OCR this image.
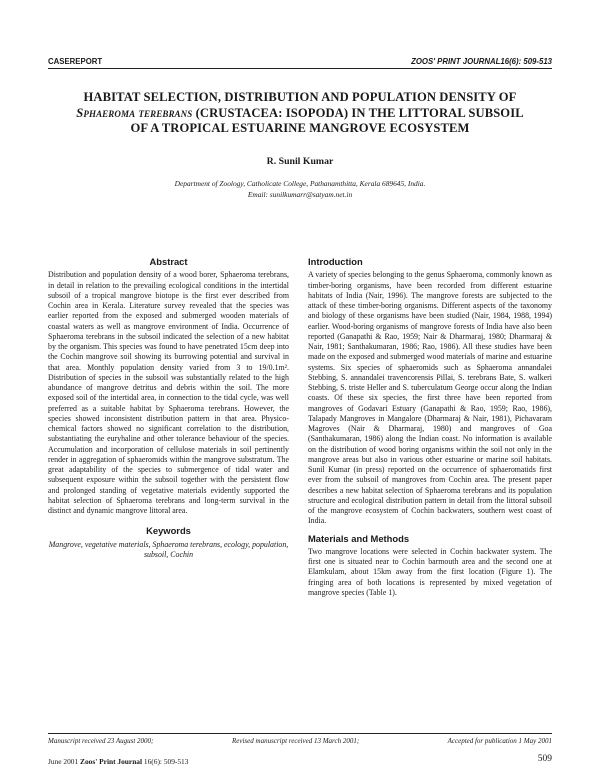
CASEREPORT	ZOOS' PRINT JOURNAL16(6): 509-513
HABITAT SELECTION, DISTRIBUTION AND POPULATION DENSITY OF
Sphaeroma terebrans (CRUSTACEA: ISOPODA) IN THE LITTORAL SUBSOIL
OF A TROPICAL ESTUARINE MANGROVE ECOSYSTEM
R. Sunil Kumar
Department of Zoology, Catholicate College, Pathanamthitta, Kerala 689645, India.
Email: sunilkumarr@satyam.net.in
Abstract

Distribution and population density of a wood borer, Sphaeroma terebrans, in detail in relation to the prevailing ecological conditions in the intertidal subsoil of a tropical mangrove biotope is the first ever described from Cochin area in Kerala. Literature survey revealed that the species was earlier reported from the exposed and submerged wooden materials of coastal waters as well as mangrove environment of India. Occurrence of Sphaeroma terebrans in the subsoil indicated the selection of a new habitat by the organism. This species was found to have penetrated 15cm deep into the Cochin mangrove soil showing its burrowing potential and survival in that area. Monthly population density varied from 3 to 19/0.1m². Distribution of species in the subsoil was substantially related to the high abundance of mangrove detritus and debris within the soil. The more exposed soil of the intertidal area, in connection to the tidal cycle, was well preferred as a suitable habitat by Sphaeroma terebrans. However, the species showed inconsistent distribution pattern in that area. Physico-chemical factors showed no significant correlation to the distribution, substantiating the euryhaline and other tolerance behaviour of the species. Accumulation and incorporation of cellulose materials in soil pertinently render in aggregation of sphaeromids within the mangrove substratum. The great adaptability of the species to submergence of tidal water and subsequent exposure within the subsoil together with the persistent flow and prolonged standing of vegetative materials evidently supported the habitat selection of Sphaeroma terebrans and long-term survival in the distinct and dynamic mangrove littoral area.

Keywords

Mangrove, vegetative materials, Sphaeroma terebrans, ecology, population, subsoil, Cochin

Introduction

A variety of species belonging to the genus Sphaeroma, commonly known as timber-boring organisms, have been recorded from different estuarine habitats of India (Nair, 1996). The mangrove forests are subjected to the attack of these timber-boring organisms. Different aspects of the taxonomy and biology of these organisms have been studied (Nair, 1984, 1988, 1994) earlier. Wood-boring organisms of mangrove forests of India have also been reported (Ganapathi & Rao, 1959; Nair & Dharmaraj, 1980; Dharmaraj & Nair, 1981; Santhakumaran, 1986; Rao, 1986). All these studies have been made on the exposed and submerged wood materials of marine and estuarine systems. Six species of sphaeromids such as Sphaeroma annandalei Stebbing, S. annandalei travencorensis Pillai, S. terebrans Bate, S. walkeri Stebbing, S. triste Heller and S. tuberculatum George occur along the Indian coasts. Of these six species, the first three have been reported from mangroves of Godavari Estuary (Ganapathi & Rao, 1959; Rao, 1986), Talapady Mangroves in Mangalore (Dharmaraj & Nair, 1981), Pichavaram Magroves (Nair & Dharmaraj, 1980) and mangroves of Goa (Santhakumaran, 1986) along the Indian coast. No information is available on the distribution of wood boring organisms within the soil not only in the mangrove areas but also in various other estuarine or marine soil habitats. Sunil Kumar (in press) reported on the occurrence of sphaeromatids first ever from the subsoil of mangroves from Cochin area. The present paper describes a new habitat selection of Sphaeroma terebrans and its population structure and ecological distribution pattern in detail from the littoral subsoil of the mangrove ecosystem of Cochin backwaters, southern west coast of India.

Materials and Methods

Two mangrove locations were selected in Cochin backwater system. The first one is situated near to Cochin barmouth area and the second one at Elamkulam, about 15km away from the first location (Figure 1). The fringing area of both locations is represented by mixed vegetation of mangrove species (Table 1).

Manuscript received 23 August 2000;	Revised manuscript received 13 March 2001;	Accepted for publication 1 May 2001
June 2001 Zoos' Print Journal 16(6): 509-513	509
